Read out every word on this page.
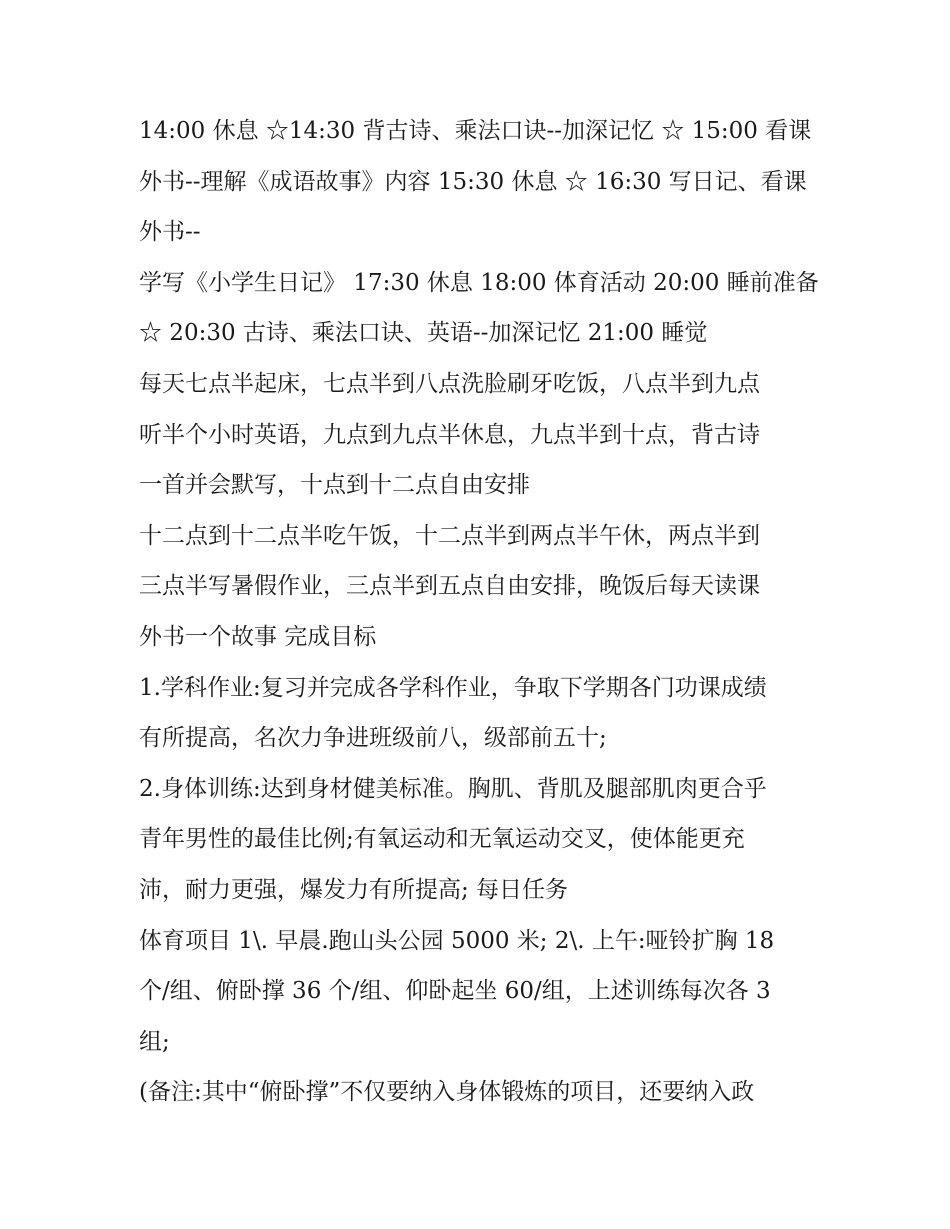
14:00 休息 ☆14:30 背古诗、乘法口诀--加深记忆 ☆ 15:00 看课
外书--理解《成语故事》内容 15:30 休息 ☆ 16:30 写日记、看课
外书--
学写《小学生日记》 17:30 休息 18:00 体育活动 20:00 睡前准备
☆ 20:30 古诗、乘法口诀、英语--加深记忆 21:00 睡觉
每天七点半起床，七点半到八点洗脸刷牙吃饭，八点半到九点
听半个小时英语，九点到九点半休息，九点半到十点，背古诗
一首并会默写，十点到十二点自由安排
十二点到十二点半吃午饭，十二点半到两点半午休，两点半到
三点半写暑假作业，三点半到五点自由安排，晚饭后每天读课
外书一个故事 完成目标
1.学科作业:复习并完成各学科作业，争取下学期各门功课成绩
有所提高，名次力争进班级前八，级部前五十;
2.身体训练:达到身材健美标准。胸肌、背肌及腿部肌肉更合乎
青年男性的最佳比例;有氧运动和无氧运动交叉，使体能更充
沛，耐力更强，爆发力有所提高; 每日任务
体育项目 1\. 早晨.跑山头公园 5000 米; 2\. 上午:哑铃扩胸 18
个/组、俯卧撑 36 个/组、仰卧起坐 60/组，上述训练每次各 3
组;
(备注:其中“俯卧撑”不仅要纳入身体锻炼的项目，还要纳入政
